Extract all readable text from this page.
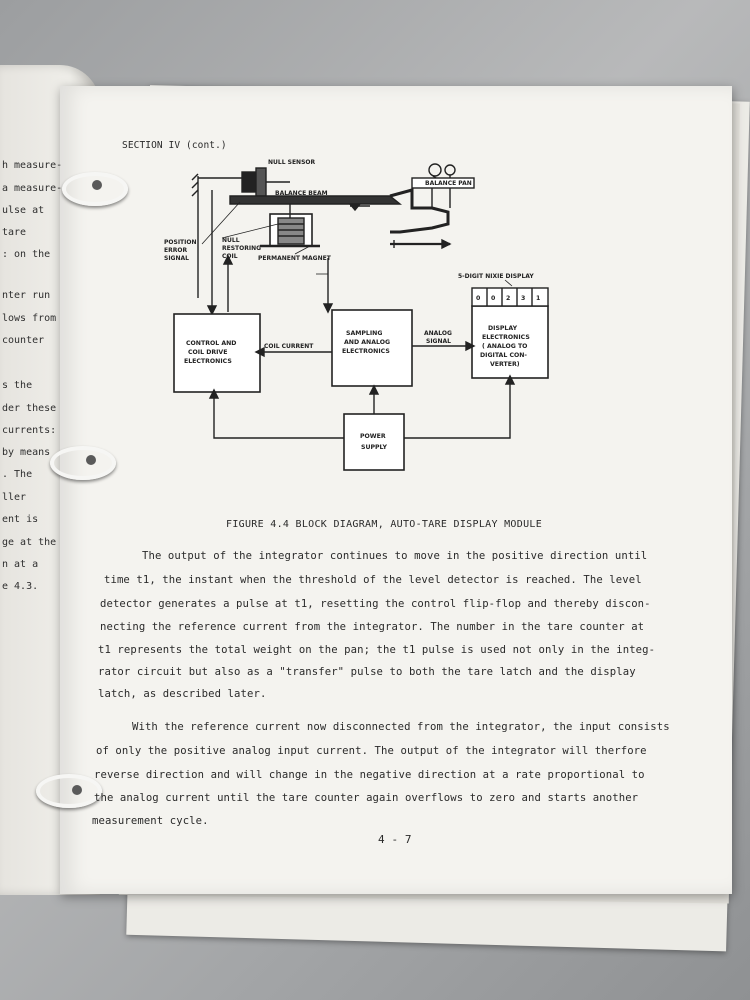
h measure-
a measure-
ulse at
tare
: on the
nter run
lows from
counter
s the
der these
currents:
by means
. The
ller
ent is
ge at the
n at a
e 4.3.
SECTION IV (cont.)
NULL SENSOR
BALANCE BEAM
BALANCE PAN
POSITION
ERROR
SIGNAL
NULL
RESTORING
COIL	PERMANENT MAGNET
5-DIGIT NIXIE DISPLAY
COIL CURRENT
ANALOG
SIGNAL
0 0 2 3 1
CONTROL AND
COIL DRIVE
ELECTRONICS
SAMPLING
AND ANALOG
ELECTRONICS
DISPLAY
ELECTRONICS
( ANALOG TO
DIGITAL CON-
VERTER)
POWER
SUPPLY
FIGURE 4.4 BLOCK DIAGRAM, AUTO-TARE DISPLAY MODULE
The output of the integrator continues to move in the positive direction until
time t1, the instant when the threshold of the level detector is reached. The level
detector generates a pulse at t1, resetting the control flip-flop and thereby discon-
necting the reference current from the integrator. The number in the tare counter at
t1 represents the total weight on the pan; the t1 pulse is used not only in the integ-
rator circuit but also as a "transfer" pulse to both the tare latch and the display
latch, as described later.
With the reference current now disconnected from the integrator, the input consists
of only the positive analog input current. The output of the integrator will therfore
reverse direction and will change in the negative direction at a rate proportional to
the analog current until the tare counter again overflows to zero and starts another
measurement cycle.
4 - 7
